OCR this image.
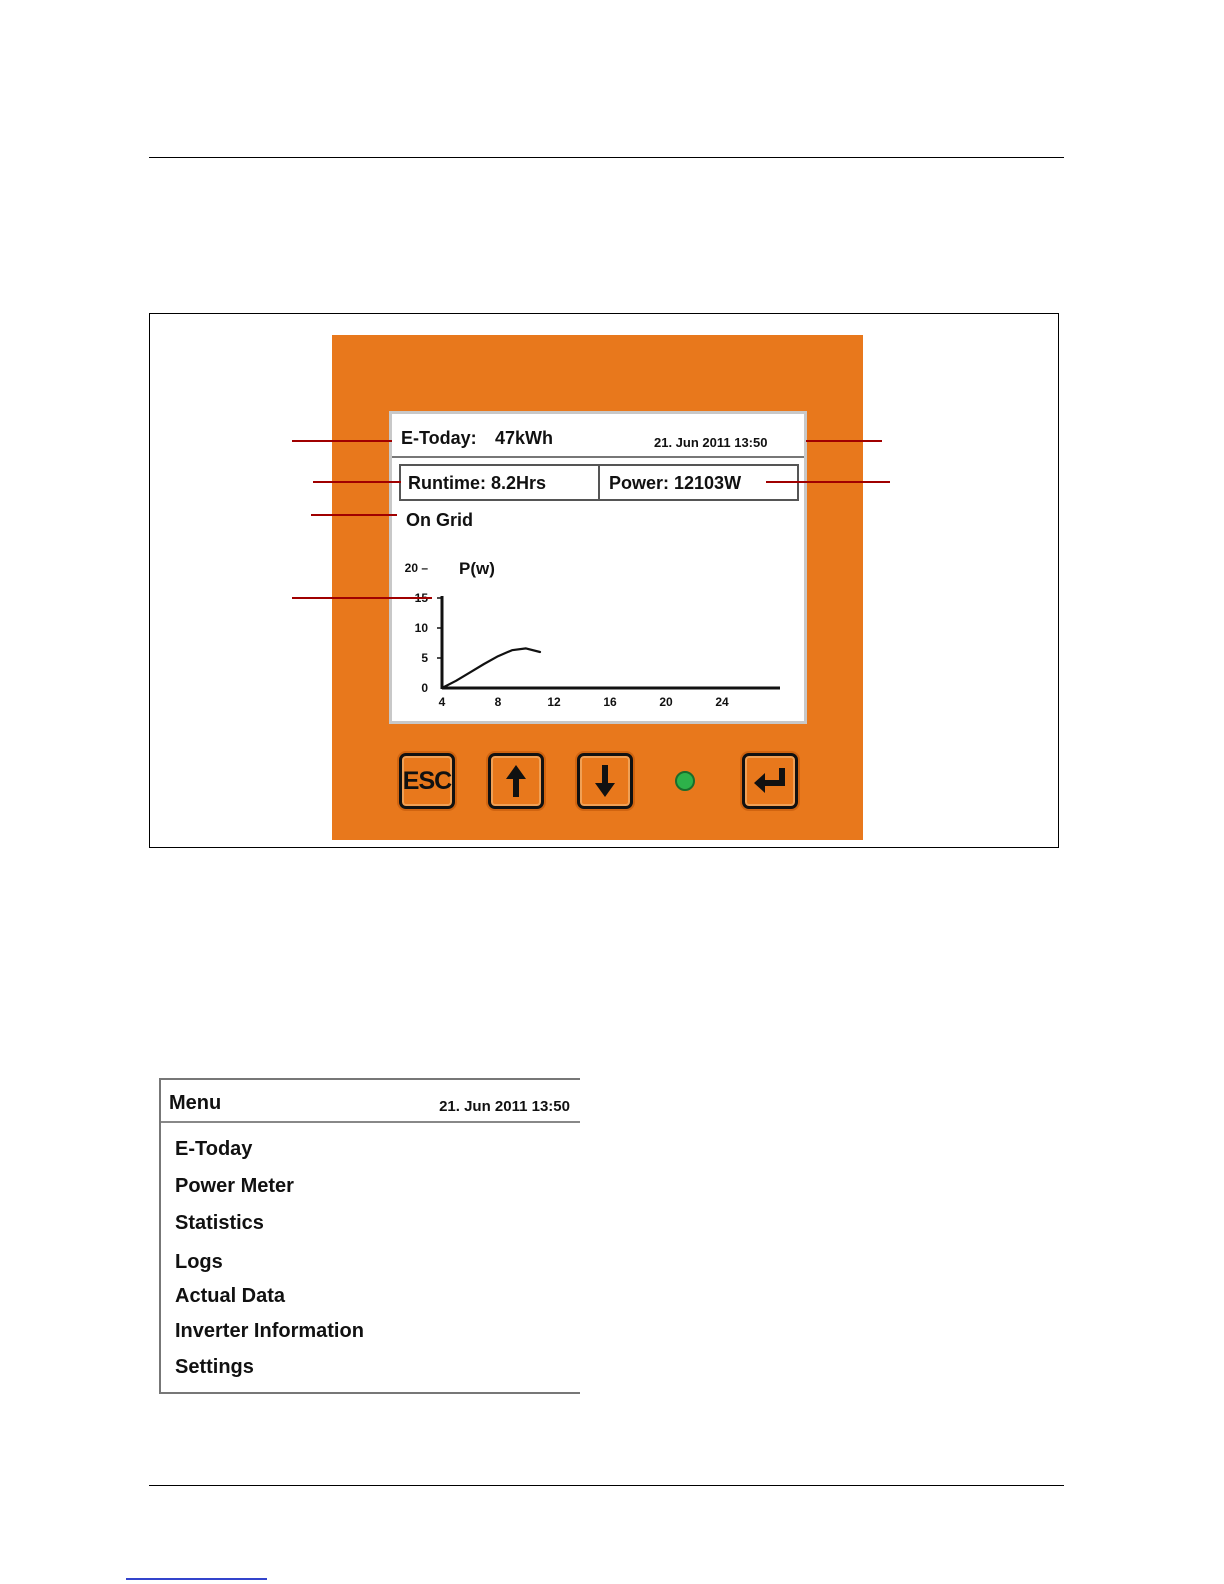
E-Today: 47kWh	21. Jun 2011 13:50
Runtime: 8.2Hrs	Power: 12103W
On Grid
0
5
10
20 –
4	8	12	16	20	24
P(w)
ESC
Menu	21. Jun 2011 13:50
E-Today
Power Meter
Statistics
Logs
Actual Data
Inverter Information
Settings
